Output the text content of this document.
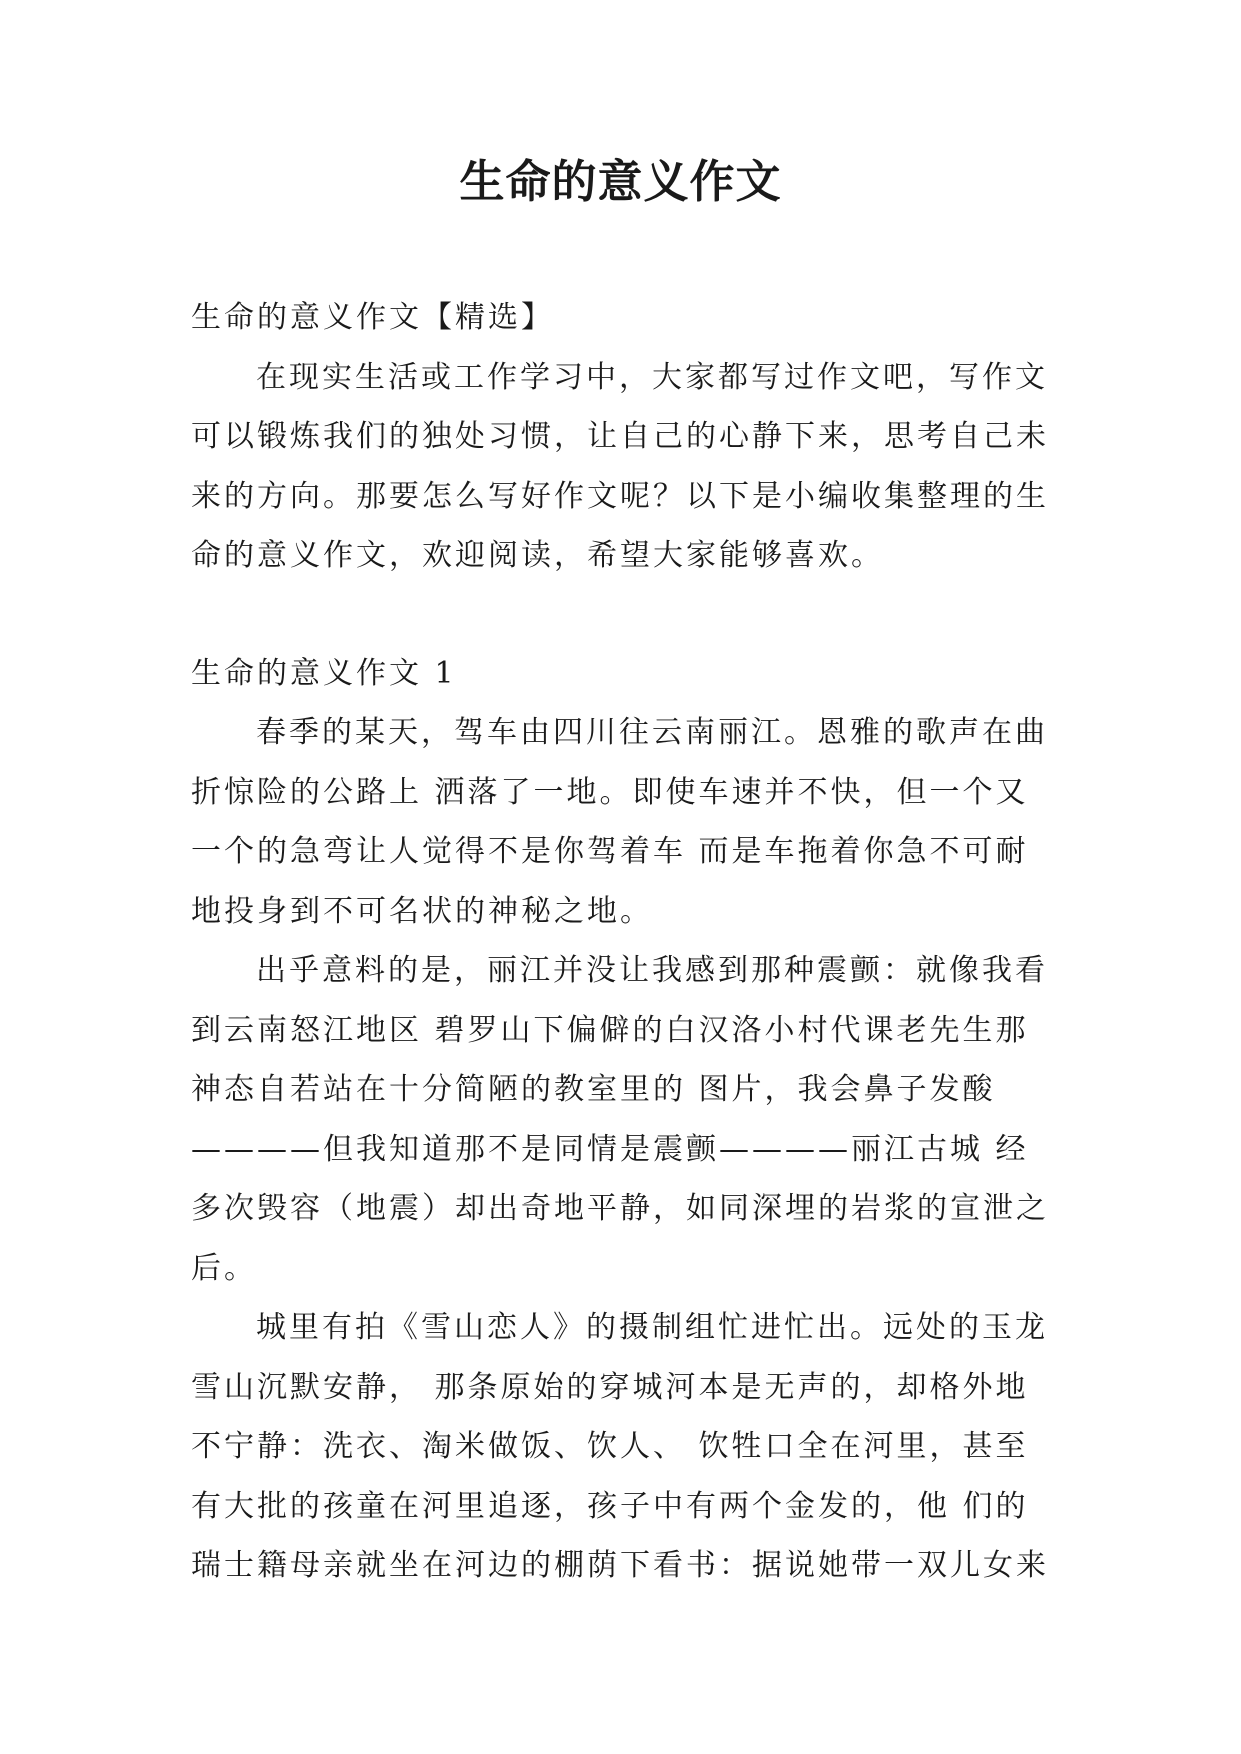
生命的意义作文

生命的意义作文【精选】

在现实生活或工作学习中，大家都写过作文吧，写作文
可以锻炼我们的独处习惯，让自己的心静下来，思考自己未
来的方向。那要怎么写好作文呢？以下是小编收集整理的生
命的意义作文，欢迎阅读，希望大家能够喜欢。

生命的意义作文 1

春季的某天，驾车由四川往云南丽江。恩雅的歌声在曲
折惊险的公路上 洒落了一地。即使车速并不快，但一个又
一个的急弯让人觉得不是你驾着车 而是车拖着你急不可耐
地投身到不可名状的神秘之地。

出乎意料的是，丽江并没让我感到那种震颤：就像我看
到云南怒江地区 碧罗山下偏僻的白汉洛小村代课老先生那
神态自若站在十分简陋的教室里的 图片，我会鼻子发酸
————但我知道那不是同情是震颤————丽江古城 经
多次毁容（地震）却出奇地平静，如同深埋的岩浆的宣泄之
后。

城里有拍《雪山恋人》的摄制组忙进忙出。远处的玉龙
雪山沉默安静， 那条原始的穿城河本是无声的，却格外地
不宁静：洗衣、淘米做饭、饮人、 饮牲口全在河里，甚至
有大批的孩童在河里追逐，孩子中有两个金发的，他 们的
瑞士籍母亲就坐在河边的棚荫下看书：据说她带一双儿女来
